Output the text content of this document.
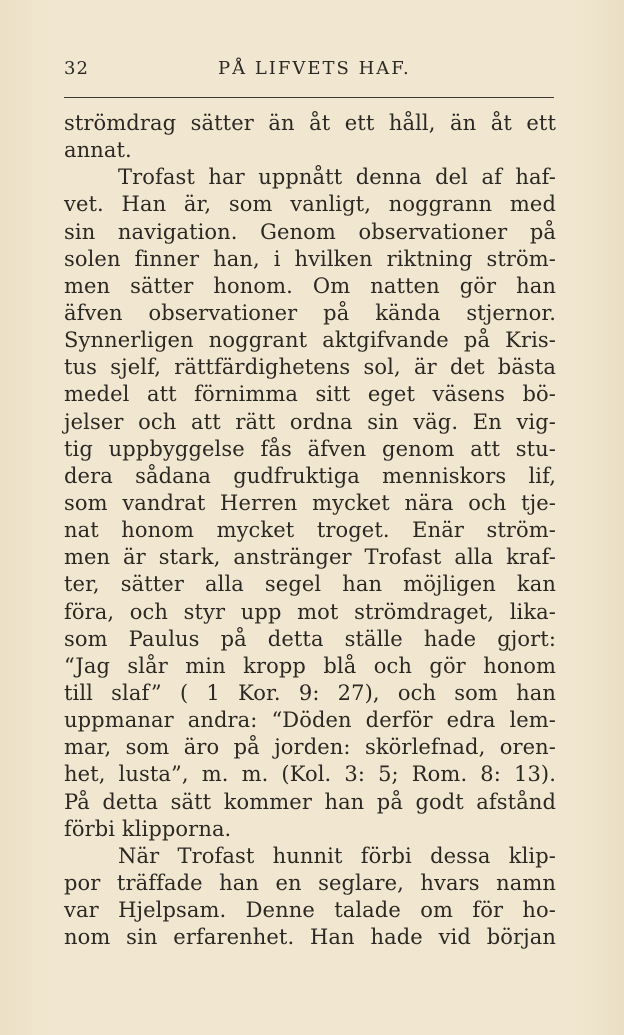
32	PÅ LIFVETS HAF.
strömdrag sätter än åt ett håll, än åt ett
annat.
Trofast har uppnått denna del af haf-
vet. Han är, som vanligt, noggrann med
sin navigation. Genom observationer på
solen finner han, i hvilken riktning ström-
men sätter honom. Om natten gör han
äfven observationer på kända stjernor.
Synnerligen noggrant aktgifvande på Kris-
tus sjelf, rättfärdighetens sol, är det bästa
medel att förnimma sitt eget väsens bö-
jelser och att rätt ordna sin väg. En vig-
tig uppbyggelse fås äfven genom att stu-
dera sådana gudfruktiga menniskors lif,
som vandrat Herren mycket nära och tje-
nat honom mycket troget. Enär ström-
men är stark, anstränger Trofast alla kraf-
ter, sätter alla segel han möjligen kan
föra, och styr upp mot strömdraget, lika-
som Paulus på detta ställe hade gjort:
“Jag slår min kropp blå och gör honom
till slaf” ( 1 Kor. 9: 27), och som han
uppmanar andra: “Döden derför edra lem-
mar, som äro på jorden: skörlefnad, oren-
het, lusta”, m. m. (Kol. 3: 5; Rom. 8: 13).
På detta sätt kommer han på godt afstånd
förbi klipporna.
När Trofast hunnit förbi dessa klip-
por träffade han en seglare, hvars namn
var Hjelpsam. Denne talade om för ho-
nom sin erfarenhet. Han hade vid början
